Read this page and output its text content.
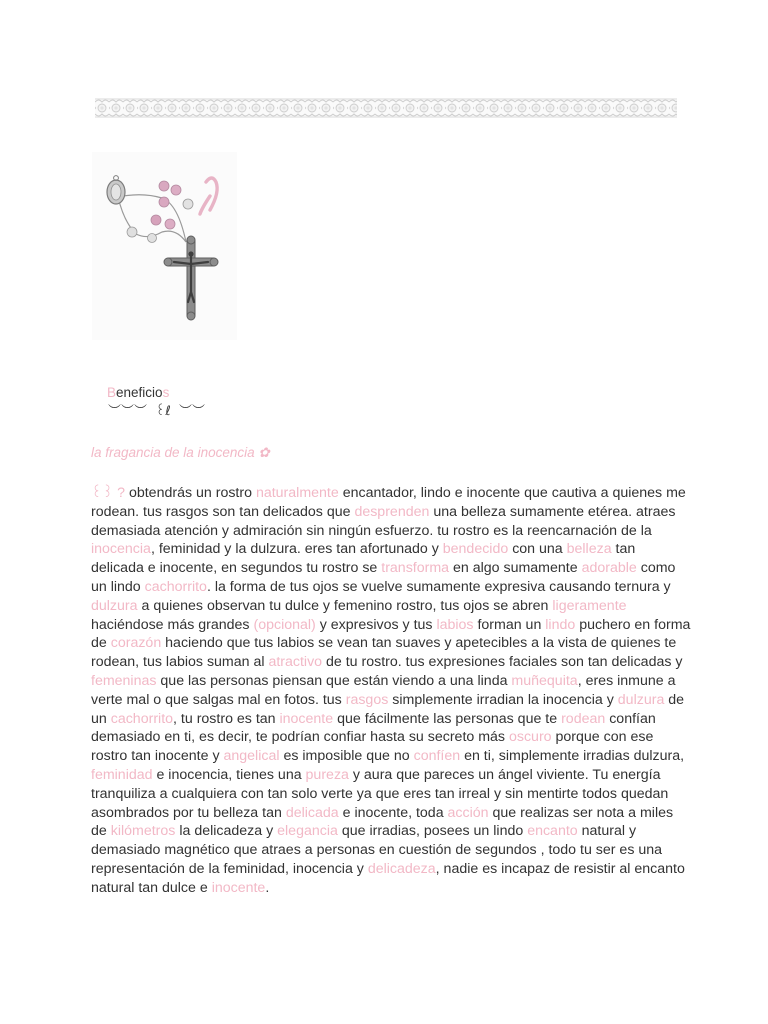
Beneficios
︶︶︶  ꒰ℓ  ︶︶
la fragancia de la inocencia ✿
꒰꒱ ? obtendrás un rostro naturalmente encantador, lindo e inocente que cautiva a quienes me rodean. tus rasgos son tan delicados que desprenden una belleza sumamente etérea. atraes demasiada atención y admiración sin ningún esfuerzo. tu rostro es la reencarnación de la inocencia, feminidad y la dulzura. eres tan afortunado y bendecido con una belleza tan delicada e inocente, en segundos tu rostro se transforma en algo sumamente adorable como un lindo cachorrito. la forma de tus ojos se vuelve sumamente expresiva causando ternura y dulzura a quienes observan tu dulce y femenino rostro, tus ojos se abren ligeramente haciéndose más grandes (opcional) y expresivos y tus labios forman un lindo puchero en forma de corazón haciendo que tus labios se vean tan suaves y apetecibles a la vista de quienes te rodean, tus labios suman al atractivo de tu rostro. tus expresiones faciales son tan delicadas y femeninas que las personas piensan que están viendo a una linda muñequita, eres inmune a verte mal o que salgas mal en fotos. tus rasgos simplemente irradian la inocencia y dulzura de un cachorrito, tu rostro es tan inocente que fácilmente las personas que te rodean confían demasiado en ti, es decir, te podrían confiar hasta su secreto más oscuro porque con ese rostro tan inocente y angelical es imposible que no confíen en ti, simplemente irradias dulzura, feminidad e inocencia, tienes una pureza y aura que pareces un ángel viviente. Tu energía tranquiliza a cualquiera con tan solo verte ya que eres tan irreal y sin mentirte todos quedan asombrados por tu belleza tan delicada e inocente, toda acción que realizas ser nota a miles de kilómetros la delicadeza y elegancia que irradias, posees un lindo encanto natural y demasiado magnético que atraes a personas en cuestión de segundos , todo tu ser es una representación de la feminidad, inocencia y delicadeza, nadie es incapaz de resistir al encanto natural tan dulce e inocente.
